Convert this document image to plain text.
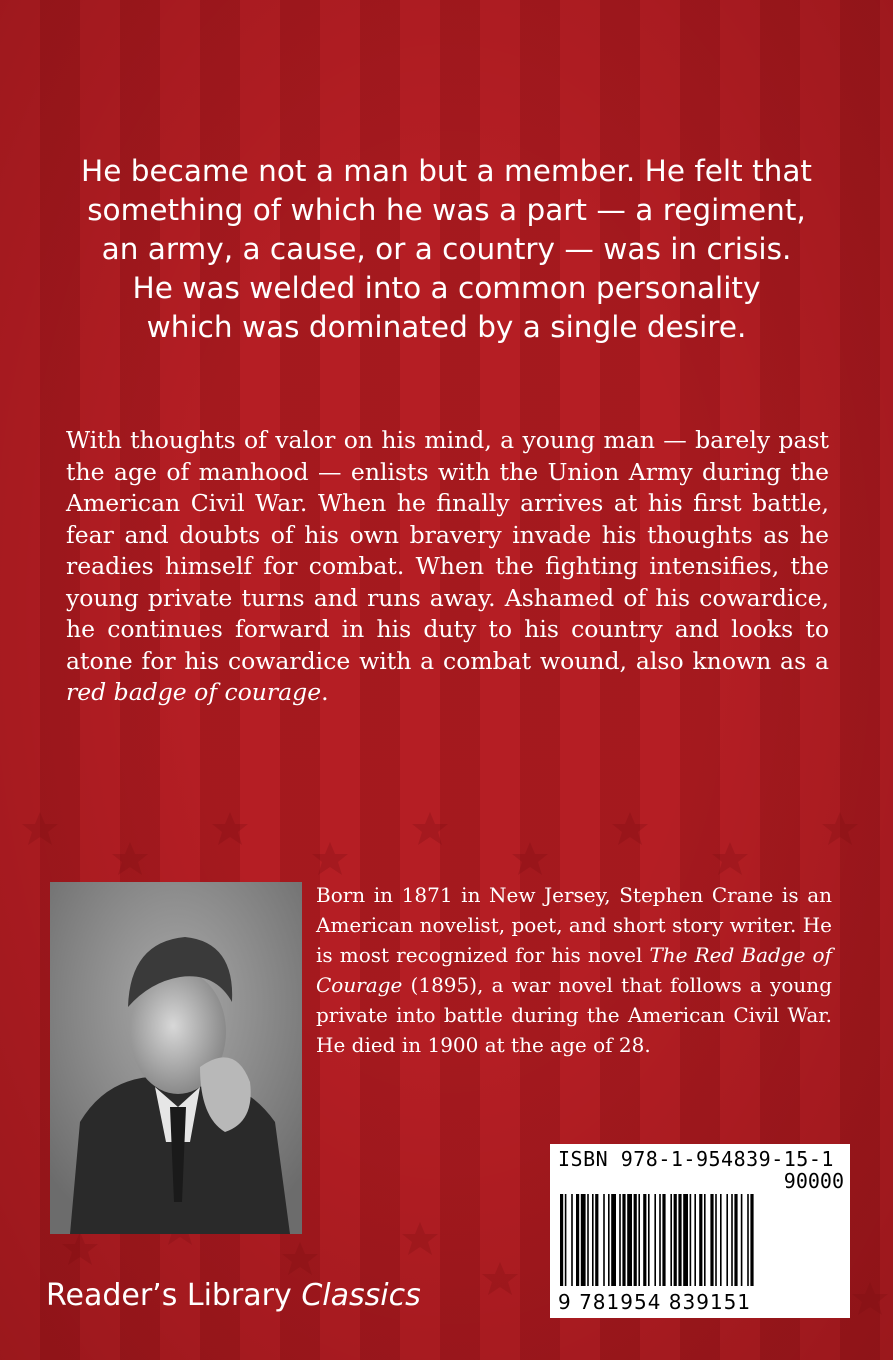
He became not a man but a member. He felt that
something of which he was a part — a regiment,
an army, a cause, or a country — was in crisis.
He was welded into a common personality
which was dominated by a single desire.

With thoughts of valor on his mind, a young man — barely past the age of manhood — enlists with the Union Army during the American Civil War. When he finally arrives at his first battle, fear and doubts of his own bravery invade his thoughts as he readies himself for combat. When the fighting intensifies, the young private turns and runs away. Ashamed of his cowardice, he continues forward in his duty to his country and looks to atone for his cowardice with a combat wound, also known as a red badge of courage.

Born in 1871 in New Jersey, Stephen Crane is an American novelist, poet, and short story writer. He is most recognized for his novel The Red Badge of Courage (1895), a war novel that follows a young private into battle during the American Civil War. He died in 1900 at the age of 28.

ISBN 978-1-954839-15-1
90000
9 781954 839151
Reader’s Library Classics
